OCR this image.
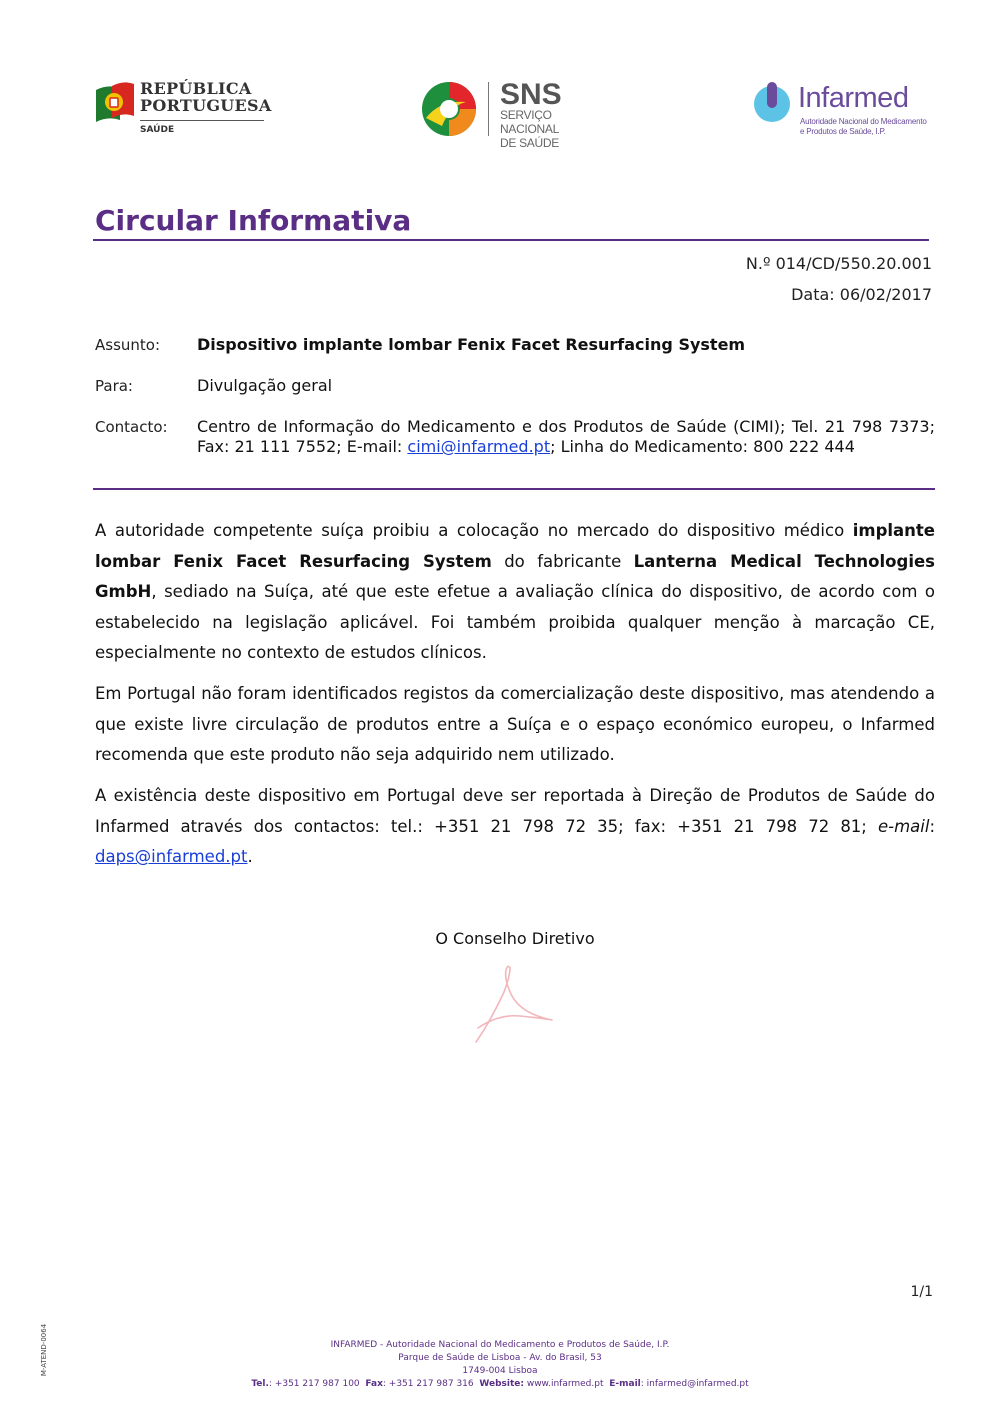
REPÚBLICA
PORTUGUESA
SAÚDE
SNS
SERVIÇO NACIONAL
DE SAÚDE
Infarmed
Autoridade Nacional do Medicamento
e Produtos de Saúde, I.P.
Circular Informativa
N.º 014/CD/550.20.001
Data: 06/02/2017
Assunto: Dispositivo implante lombar Fenix Facet Resurfacing System
Para:	Divulgação geral
Contacto: Centro de Informação do Medicamento e dos Produtos de Saúde (CIMI); Tel. 21 798 7373; Fax: 21 111 7552; E-mail: cimi@infarmed.pt; Linha do Medicamento: 800 222 444
A autoridade competente suíça proibiu a colocação no mercado do dispositivo médico implante lombar Fenix Facet Resurfacing System do fabricante Lanterna Medical Technologies GmbH, sediado na Suíça, até que este efetue a avaliação clínica do dispositivo, de acordo com o estabelecido na legislação aplicável. Foi também proibida qualquer menção à marcação CE, especialmente no contexto de estudos clínicos.
Em Portugal não foram identificados registos da comercialização deste dispositivo, mas atendendo a que existe livre circulação de produtos entre a Suíça e o espaço económico europeu, o Infarmed recomenda que este produto não seja adquirido nem utilizado.
A existência deste dispositivo em Portugal deve ser reportada à Direção de Produtos de Saúde do Infarmed através dos contactos: tel.: +351 21 798 72 35; fax: +351 21 798 72 81; e-mail: daps@infarmed.pt.
O Conselho Diretivo
1/1
M-ATEND-0064	INFARMED - Autoridade Nacional do Medicamento e Produtos de Saúde, I.P.
Parque de Saúde de Lisboa - Av. do Brasil, 53
1749-004 Lisboa
Tel.: +351 217 987 100 Fax: +351 217 987 316 Website: www.infarmed.pt E-mail: infarmed@infarmed.pt
